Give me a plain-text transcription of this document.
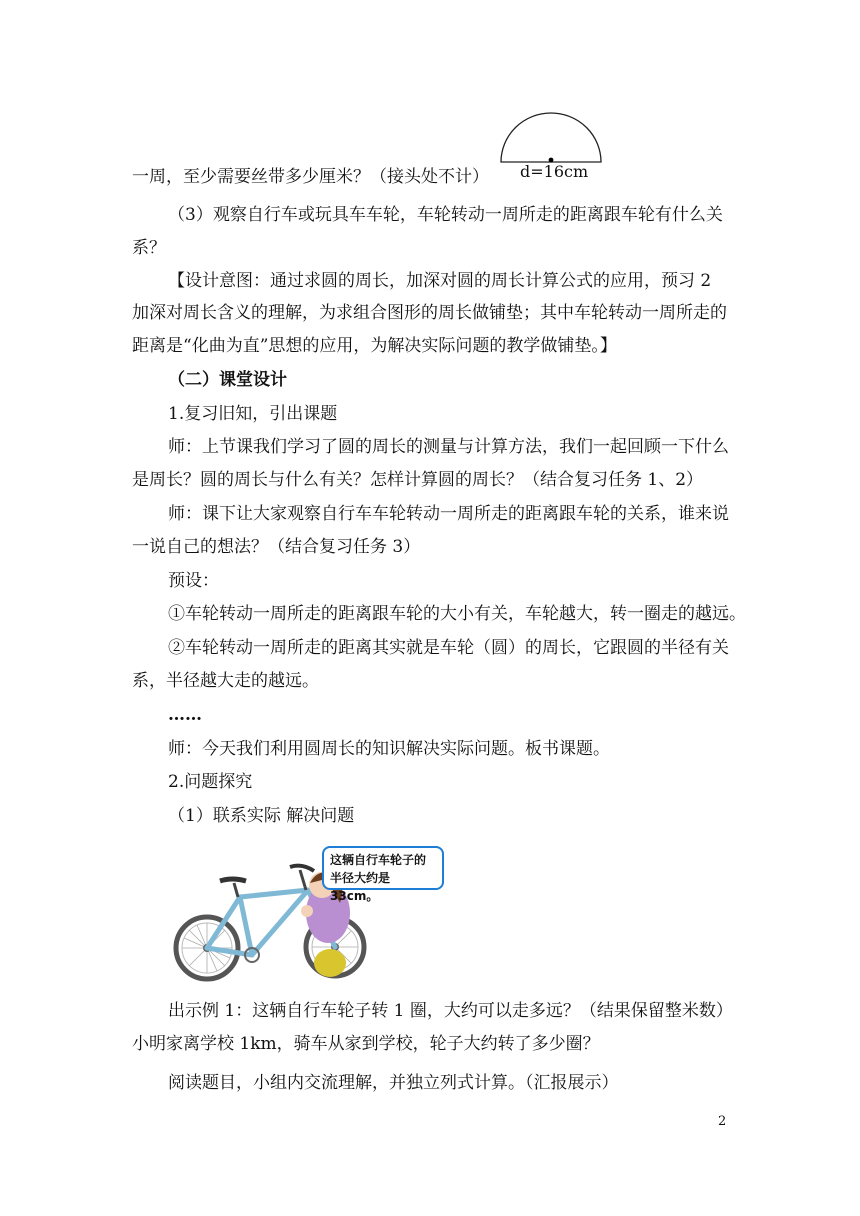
d=16cm
一周，至少需要丝带多少厘米？（接头处不计）
（3）观察自行车或玩具车车轮，车轮转动一周所走的距离跟车轮有什么关
系？
【设计意图：通过求圆的周长，加深对圆的周长计算公式的应用，预习 2
加深对周长含义的理解，为求组合图形的周长做铺垫；其中车轮转动一周所走的
距离是“化曲为直”思想的应用，为解决实际问题的教学做铺垫。】
（二）课堂设计
1.复习旧知，引出课题
师：上节课我们学习了圆的周长的测量与计算方法，我们一起回顾一下什么
是周长？圆的周长与什么有关？怎样计算圆的周长？（结合复习任务 1、2）
师：课下让大家观察自行车车轮转动一周所走的距离跟车轮的关系，谁来说
一说自己的想法？（结合复习任务 3）
预设：
①车轮转动一周所走的距离跟车轮的大小有关，车轮越大，转一圈走的越远。
②车轮转动一周所走的距离其实就是车轮（圆）的周长，它跟圆的半径有关
系，半径越大走的越远。
……
师：今天我们利用圆周长的知识解决实际问题。板书课题。
2.问题探究
（1）联系实际 解决问题
这辆自行车轮子的半径大约是33cm。
出示例 1：这辆自行车轮子转 1 圈，大约可以走多远？（结果保留整米数）
小明家离学校 1km，骑车从家到学校，轮子大约转了多少圈？
阅读题目，小组内交流理解，并独立列式计算。（汇报展示）
2
